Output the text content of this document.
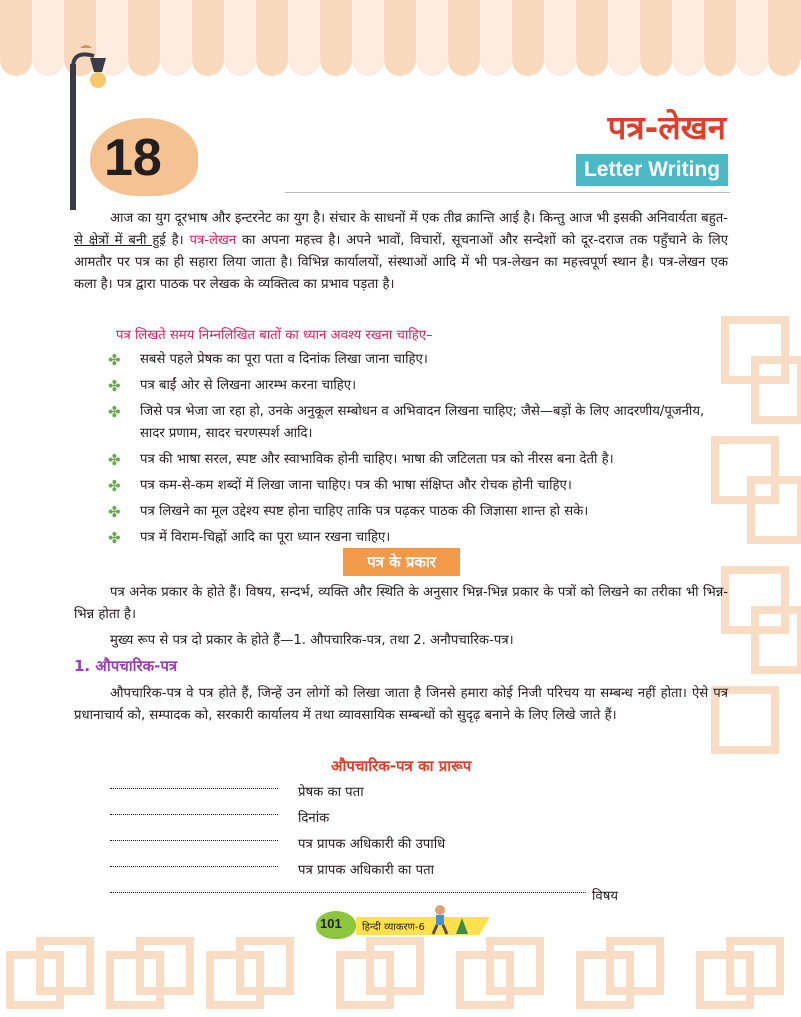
18
पत्र-लेखन
Letter Writing
आज का युग दूरभाष और इन्टरनेट का युग है। संचार के साधनों में एक तीव्र क्रान्ति आई है। किन्तु आज भी इसकी अनिवार्यता बहुत-से क्षेत्रों में बनी हुई है। पत्र-लेखन का अपना महत्त्व है। अपने भावों, विचारों, सूचनाओं और सन्देशों को दूर-दराज तक पहुँचाने के लिए आमतौर पर पत्र का ही सहारा लिया जाता है। विभिन्न कार्यालयों, संस्थाओं आदि में भी पत्र-लेखन का महत्त्वपूर्ण स्थान है। पत्र-लेखन एक कला है। पत्र द्वारा पाठक पर लेखक के व्यक्तित्व का प्रभाव पड़ता है।
पत्र लिखते समय निम्नलिखित बातों का ध्यान अवश्य रखना चाहिए–
✤ सबसे पहले प्रेषक का पूरा पता व दिनांक लिखा जाना चाहिए।
✤ पत्र बाईं ओर से लिखना आरम्भ करना चाहिए।
✤ जिसे पत्र भेजा जा रहा हो, उनके अनुकूल सम्बोधन व अभिवादन लिखना चाहिए; जैसे—बड़ों के लिए आदरणीय/पूजनीय, सादर प्रणाम, सादर चरणस्पर्श आदि।
✤ पत्र की भाषा सरल, स्पष्ट और स्वाभाविक होनी चाहिए। भाषा की जटिलता पत्र को नीरस बना देती है।
✤ पत्र कम-से-कम शब्दों में लिखा जाना चाहिए। पत्र की भाषा संक्षिप्त और रोचक होनी चाहिए।
✤ पत्र लिखने का मूल उद्देश्य स्पष्ट होना चाहिए ताकि पत्र पढ़कर पाठक की जिज्ञासा शान्त हो सके।
✤ पत्र में विराम-चिह्नों आदि का पूरा ध्यान रखना चाहिए।
पत्र के प्रकार
पत्र अनेक प्रकार के होते हैं। विषय, सन्दर्भ, व्यक्ति और स्थिति के अनुसार भिन्न-भिन्न प्रकार के पत्रों को लिखने का तरीका भी भिन्न-भिन्न होता है।
मुख्य रूप से पत्र दो प्रकार के होते हैं—1. औपचारिक-पत्र, तथा 2. अनौपचारिक-पत्र।
1. औपचारिक-पत्र
औपचारिक-पत्र वे पत्र होते हैं, जिन्हें उन लोगों को लिखा जाता है जिनसे हमारा कोई निजी परिचय या सम्बन्ध नहीं होता। ऐसे पत्र प्रधानाचार्य को, सम्पादक को, सरकारी कार्यालय में तथा व्यावसायिक सम्बन्धों को सुदृढ़ बनाने के लिए लिखे जाते हैं।
औपचारिक-पत्र का प्रारूप
प्रेषक का पता
दिनांक
पत्र प्रापक अधिकारी की उपाधि
पत्र प्रापक अधिकारी का पता
विषय
101 हिन्दी व्याकरण-6
